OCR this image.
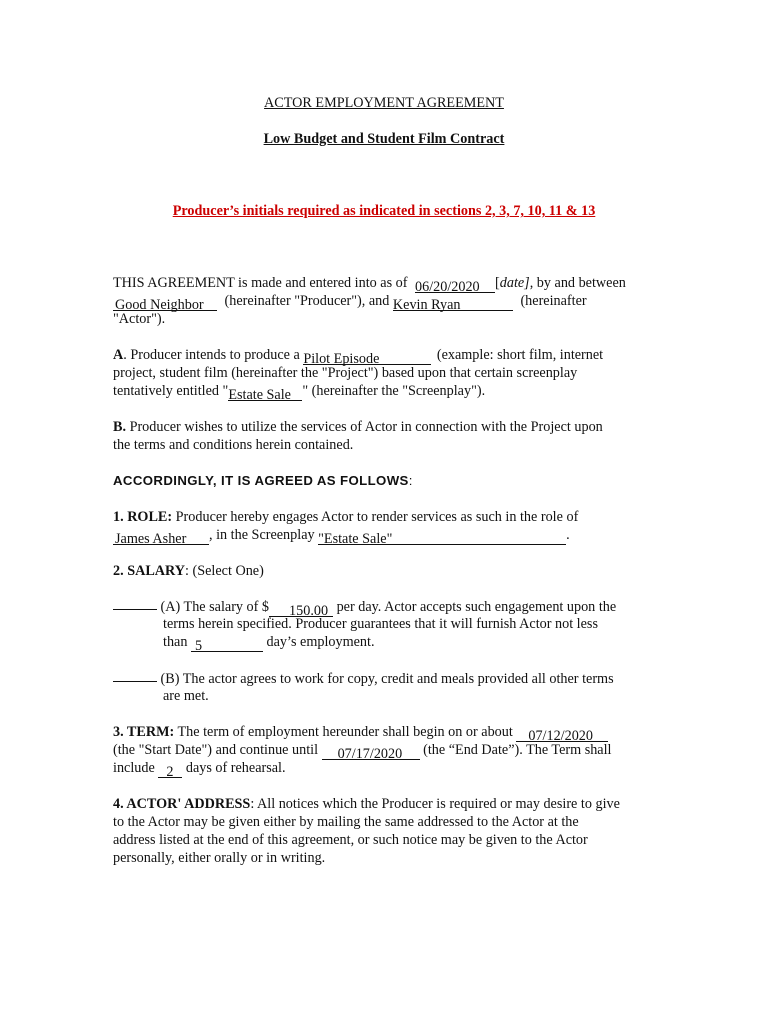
ACTOR EMPLOYMENT AGREEMENT
Low Budget and Student Film Contract
Producer’s initials required as indicated in sections 2, 3, 7, 10, 11 & 13
THIS AGREEMENT is made and entered into as of 06/20/2020 [date], by and between
Good Neighbor (hereinafter "Producer"), and Kevin Ryan	(hereinafter
"Actor").
A. Producer intends to produce a Pilot Episode	(example: short film, internet
project, student film (hereinafter the "Project") based upon that certain screenplay
tentatively entitled "Estate Sale " (hereinafter the "Screenplay").
B. Producer wishes to utilize the services of Actor in connection with the Project upon
the terms and conditions herein contained.
ACCORDINGLY, IT IS AGREED AS FOLLOWS:
1. ROLE: Producer hereby engages Actor to render services as such in the role of
James Asher , in the Screenplay "Estate Sale"	.
2. SALARY: (Select One)
(A) The salary of $ 150.00 per day. Actor accepts such engagement upon the
terms herein specified. Producer guarantees that it will furnish Actor not less
than 5	day’s employment.
(B) The actor agrees to work for copy, credit and meals provided all other terms
are met.
3. TERM: The term of employment hereunder shall begin on or about 07/12/2020
(the "Start Date") and continue until 07/17/2020 (the “End Date”). The Term shall
include 2 days of rehearsal.
4. ACTOR' ADDRESS: All notices which the Producer is required or may desire to give
to the Actor may be given either by mailing the same addressed to the Actor at the
address listed at the end of this agreement, or such notice may be given to the Actor
personally, either orally or in writing.
